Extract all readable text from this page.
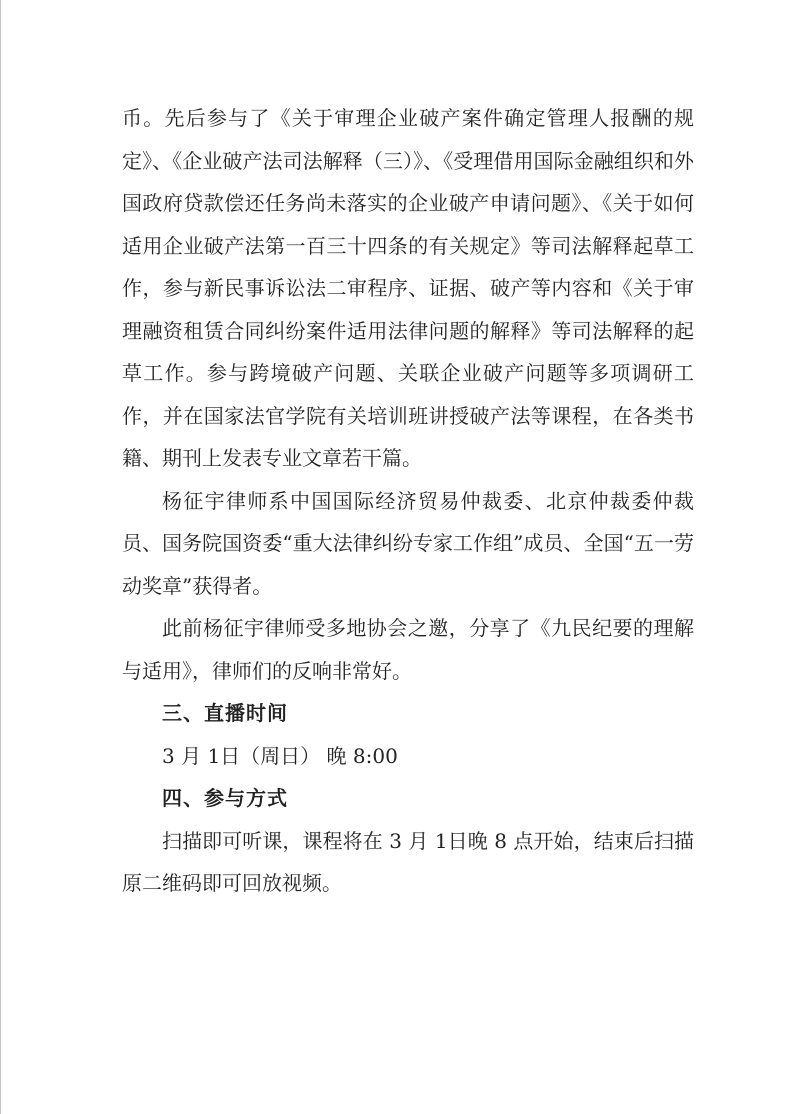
币。先后参与了《关于审理企业破产案件确定管理人报酬的规定》、《企业破产法司法解释（三）》、《受理借用国际金融组织和外国政府贷款偿还任务尚未落实的企业破产申请问题》、《关于如何适用企业破产法第一百三十四条的有关规定》等司法解释起草工作，参与新民事诉讼法二审程序、证据、破产等内容和《关于审理融资租赁合同纠纷案件适用法律问题的解释》等司法解释的起草工作。参与跨境破产问题、关联企业破产问题等多项调研工作，并在国家法官学院有关培训班讲授破产法等课程，在各类书籍、期刊上发表专业文章若干篇。

杨征宇律师系中国国际经济贸易仲裁委、北京仲裁委仲裁员、国务院国资委“重大法律纠纷专家工作组”成员、全国“五一劳动奖章”获得者。

此前杨征宇律师受多地协会之邀，分享了《九民纪要的理解与适用》，律师们的反响非常好。

三、直播时间

3 月 1日（周日） 晚 8:00

四、参与方式

扫描即可听课，课程将在 3 月 1日晚 8 点开始，结束后扫描原二维码即可回放视频。
